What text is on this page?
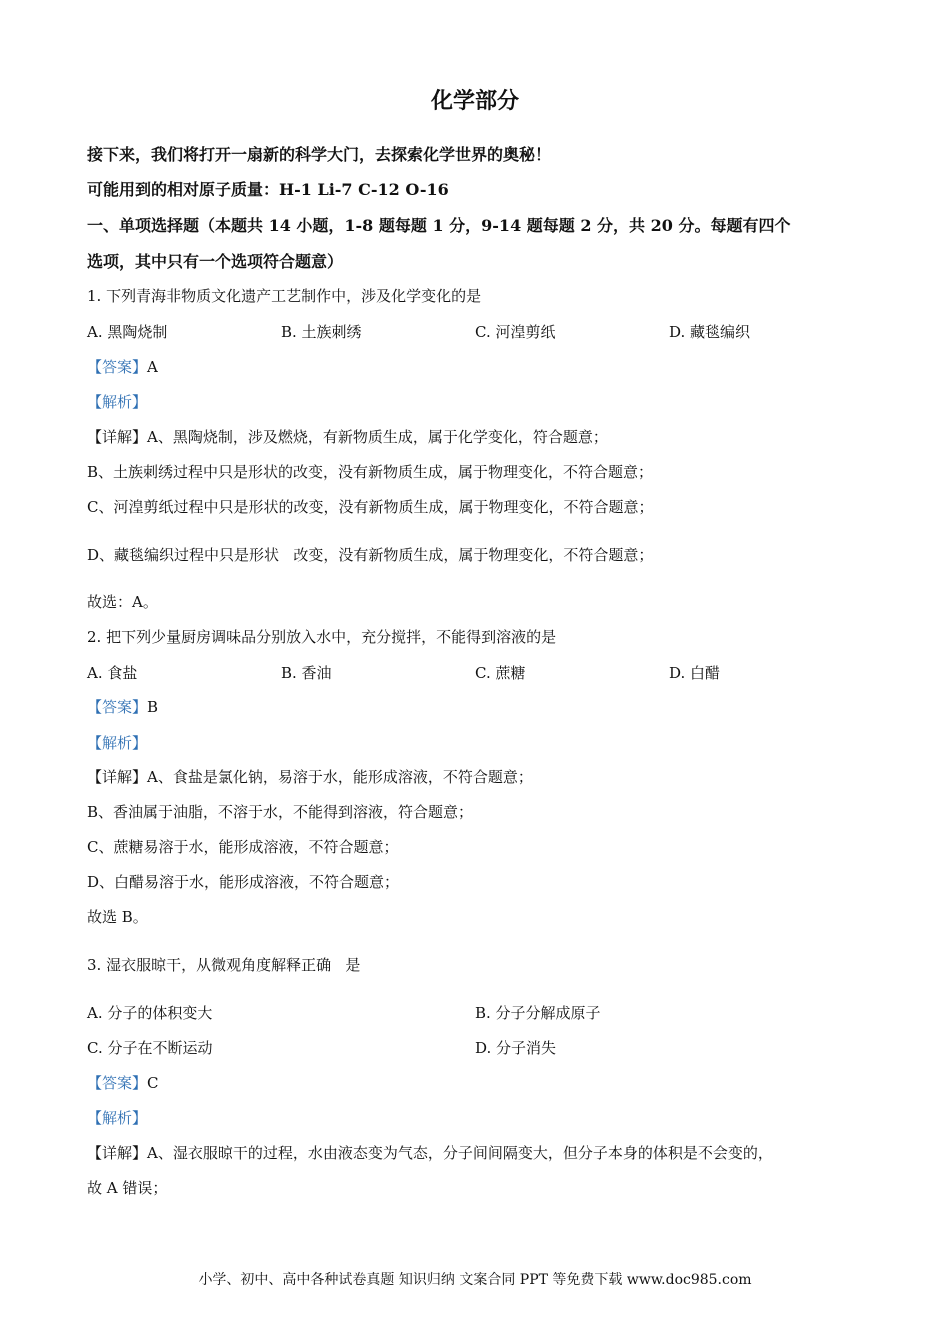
化学部分
接下来，我们将打开一扇新的科学大门，去探索化学世界的奥秘！
可能用到的相对原子质量：H-1 Li-7 C-12 O-16
一、单项选择题（本题共 14 小题，1-8 题每题 1 分，9-14 题每题 2 分，共 20 分。每题有四个
选项，其中只有一个选项符合题意）
1. 下列青海非物质文化遗产工艺制作中，涉及化学变化的是
A. 黑陶烧制	B. 土族刺绣	C. 河湟剪纸	D. 藏毯编织
【答案】A
【解析】
【详解】A、黑陶烧制，涉及燃烧，有新物质生成，属于化学变化，符合题意；
B、土族刺绣过程中只是形状的改变，没有新物质生成，属于物理变化，不符合题意；
C、河湟剪纸过程中只是形状的改变，没有新物质生成，属于物理变化，不符合题意；
D、藏毯编织过程中只是形状   改变，没有新物质生成，属于物理变化，不符合题意；
故选：A。
2. 把下列少量厨房调味品分别放入水中，充分搅拌，不能得到溶液的是
A. 食盐	B. 香油	C. 蔗糖	D. 白醋
【答案】B
【解析】
【详解】A、食盐是氯化钠，易溶于水，能形成溶液，不符合题意；
B、香油属于油脂，不溶于水，不能得到溶液，符合题意；
C、蔗糖易溶于水，能形成溶液，不符合题意；
D、白醋易溶于水，能形成溶液，不符合题意；
故选 B。
3. 湿衣服晾干，从微观角度解释正确   是
A. 分子的体积变大	B. 分子分解成原子
C. 分子在不断运动	D. 分子消失
【答案】C
【解析】
【详解】A、湿衣服晾干的过程，水由液态变为气态，分子间间隔变大，但分子本身的体积是不会变的，
故 A 错误；
小学、初中、高中各种试卷真题 知识归纳 文案合同 PPT 等免费下载 www.doc985.com
